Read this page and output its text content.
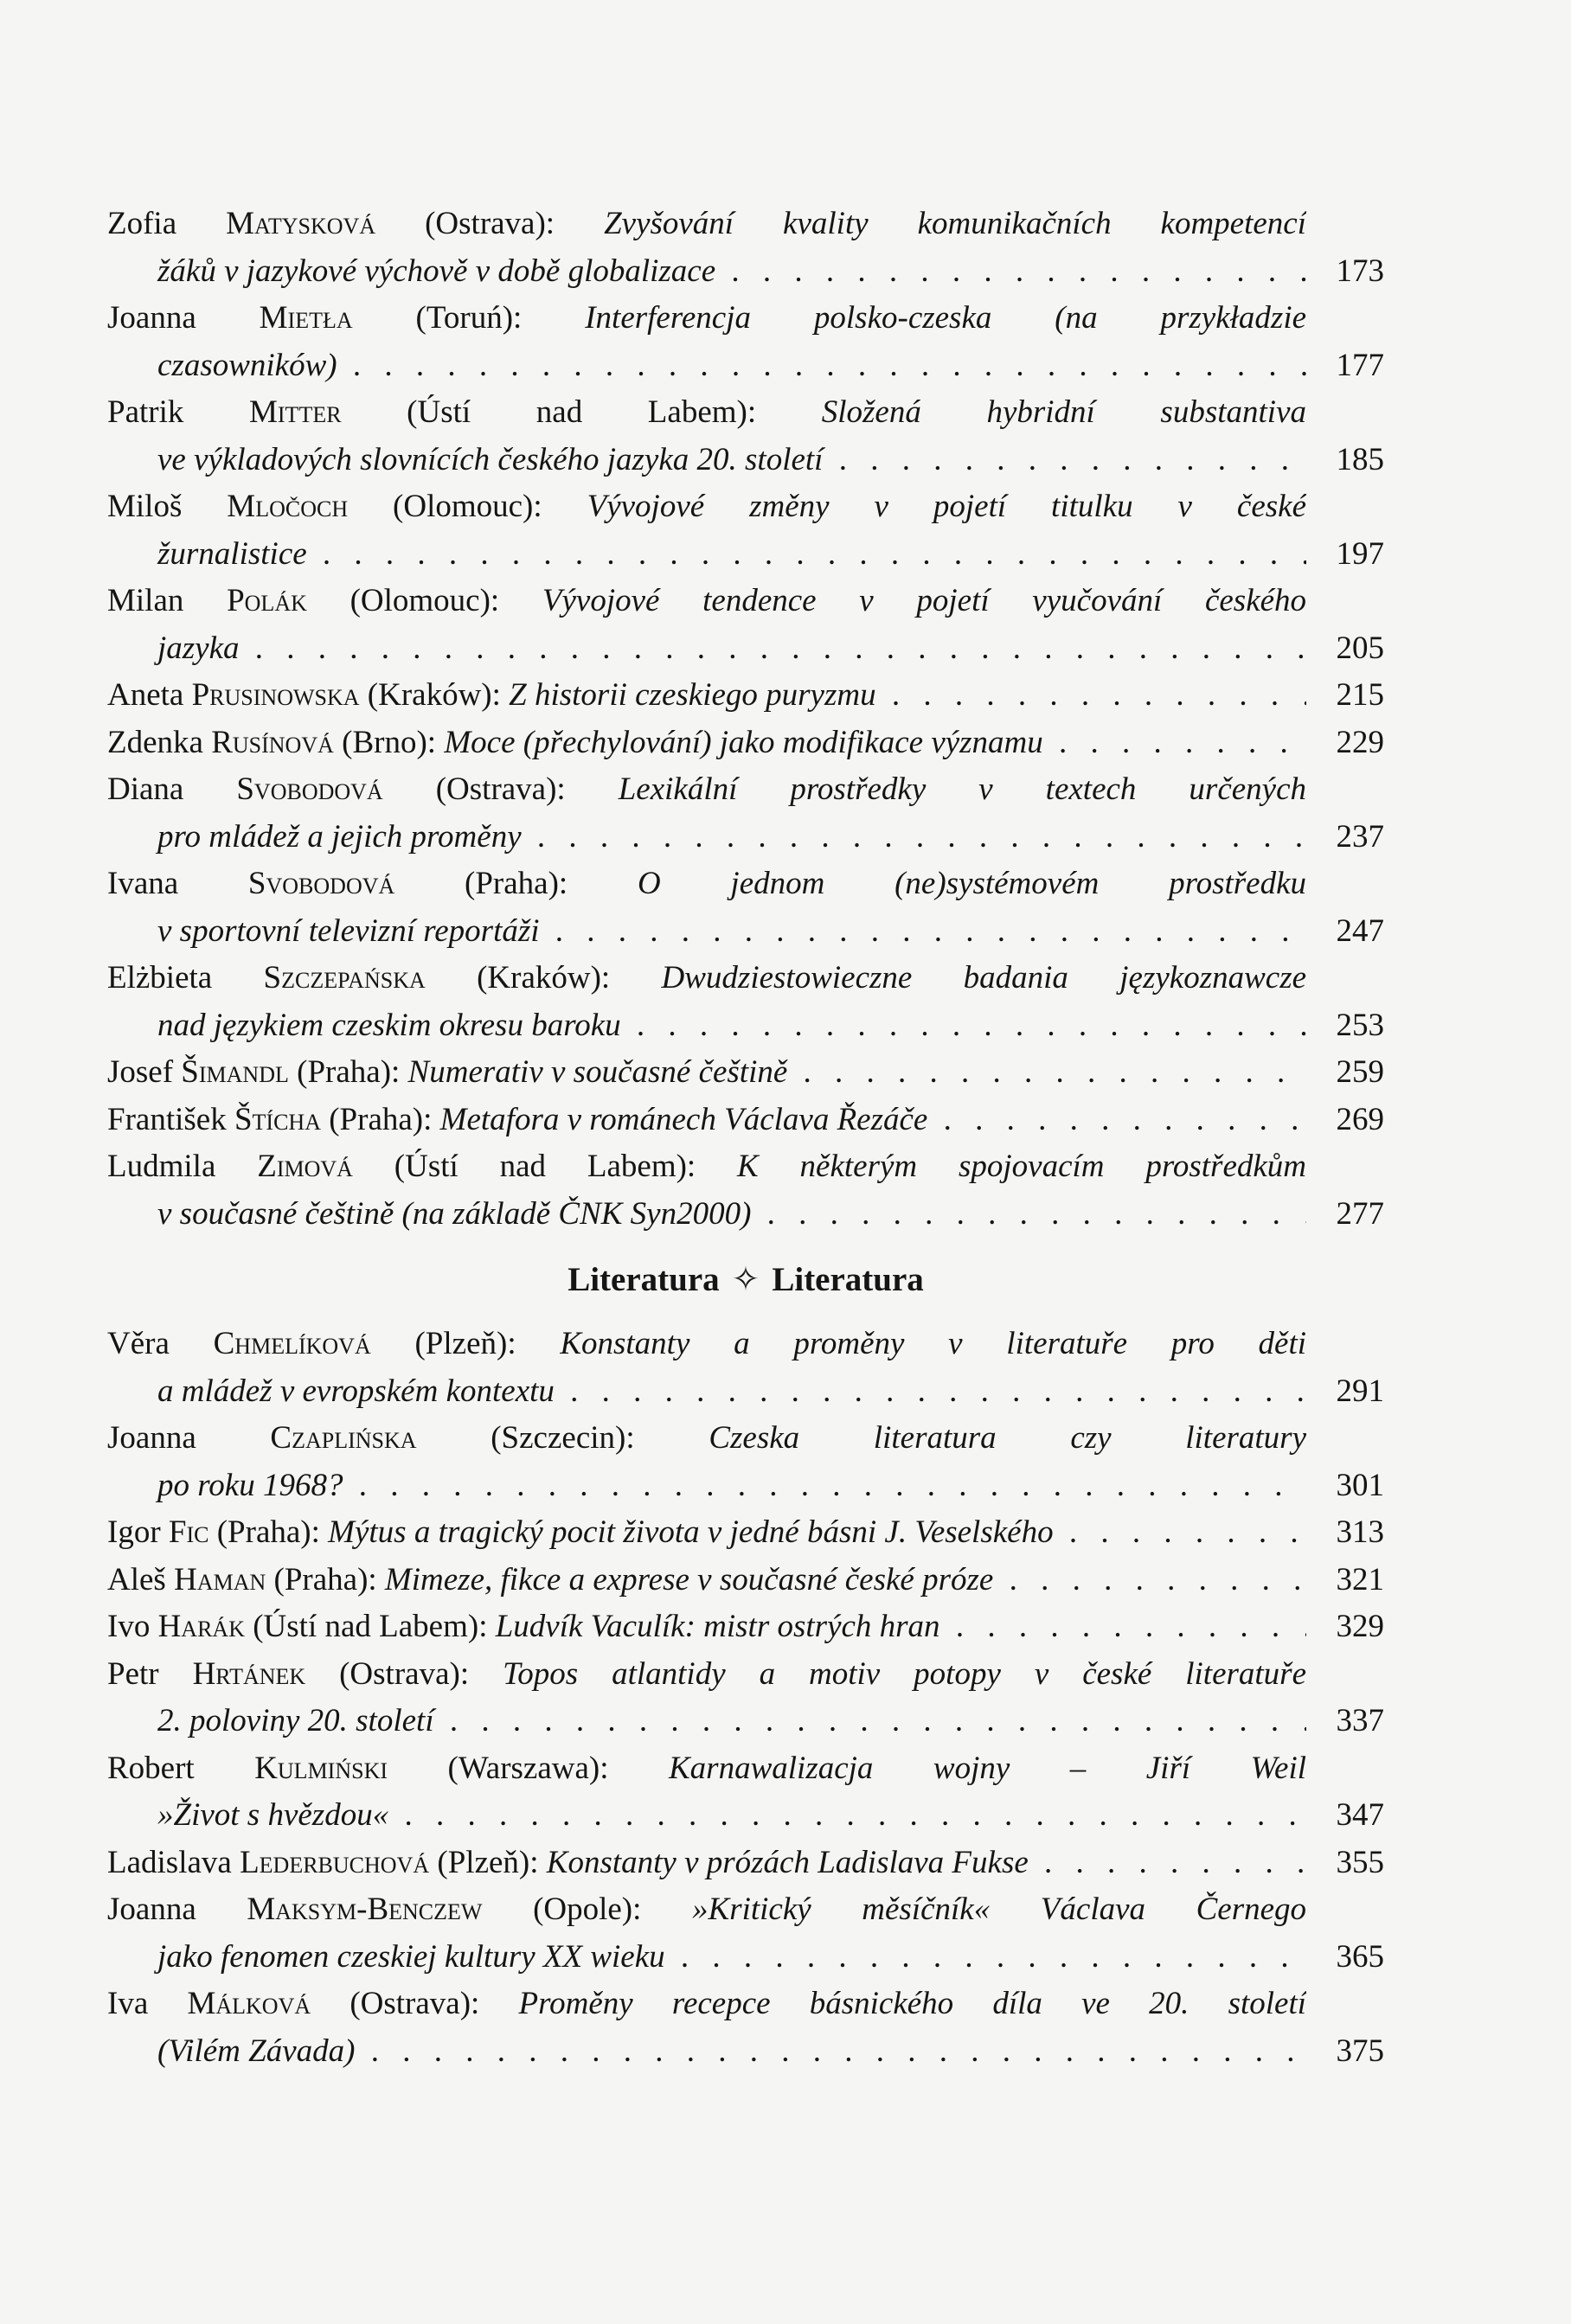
Zofia Matysková (Ostrava): Zvyšování kvality komunikačních kompetencí
žáků v jazykové výchově v době globalizace . . .	173
Joanna Mietła (Toruń): Interferencja polsko-czeska (na przykładzie
czasowników) . . .	177
Patrik Mitter (Ústí nad Labem): Složená hybridní substantiva
ve výkladových slovnících českého jazyka 20. století . . .	185
Miloš Mločoch (Olomouc): Vývojové změny v pojetí titulku v české
žurnalistice . . .	197
Milan Polák (Olomouc): Vývojové tendence v pojetí vyučování českého
jazyka . . .	205
Aneta Prusinowska (Kraków): Z historii czeskiego puryzmu . . .	215
Zdenka Rusínová (Brno): Moce (přechylování) jako modifikace významu . . .	229
Diana Svobodová (Ostrava): Lexikální prostředky v textech určených
pro mládež a jejich proměny . . .	237
Ivana Svobodová (Praha): O jednom (ne)systémovém prostředku
v sportovní televizní reportáži . . .	247
Elżbieta Szczepańska (Kraków): Dwudziestowieczne badania językoznawcze
nad językiem czeskim okresu baroku . . .	253
Josef Šimandl (Praha): Numerativ v současné češtině . . .	259
František Štícha (Praha): Metafora v románech Václava Řezáče . . .	269
Ludmila Zimová (Ústí nad Labem): K některým spojovacím prostředkům
v současné češtině (na základě ČNK Syn2000) . . .	277
Literatura ✧ Literatura
Věra Chmelíková (Plzeň): Konstanty a proměny v literatuře pro děti
a mládež v evropském kontextu . . .	291
Joanna Czaplińska (Szczecin): Czeska literatura czy literatury
po roku 1968? . . .	301
Igor Fic (Praha): Mýtus a tragický pocit života v jedné básni J. Veselského . . .	313
Aleš Haman (Praha): Mimeze, fikce a exprese v současné české próze . . .	321
Ivo Harák (Ústí nad Labem): Ludvík Vaculík: mistr ostrých hran . . .	329
Petr Hrtánek (Ostrava): Topos atlantidy a motiv potopy v české literatuře
2. poloviny 20. století . . .	337
Robert Kulmiński (Warszawa): Karnawalizacja wojny – Jiří Weil
»Život s hvězdou« . . .	347
Ladislava Lederbuchová (Plzeň): Konstanty v prózách Ladislava Fukse . . .	355
Joanna Maksym-Benczew (Opole): »Kritický měsíčník« Václava Černego
jako fenomen czeskiej kultury XX wieku . . .	365
Iva Málková (Ostrava): Proměny recepce básnického díla ve 20. století
(Vilém Závada) . . .	375
